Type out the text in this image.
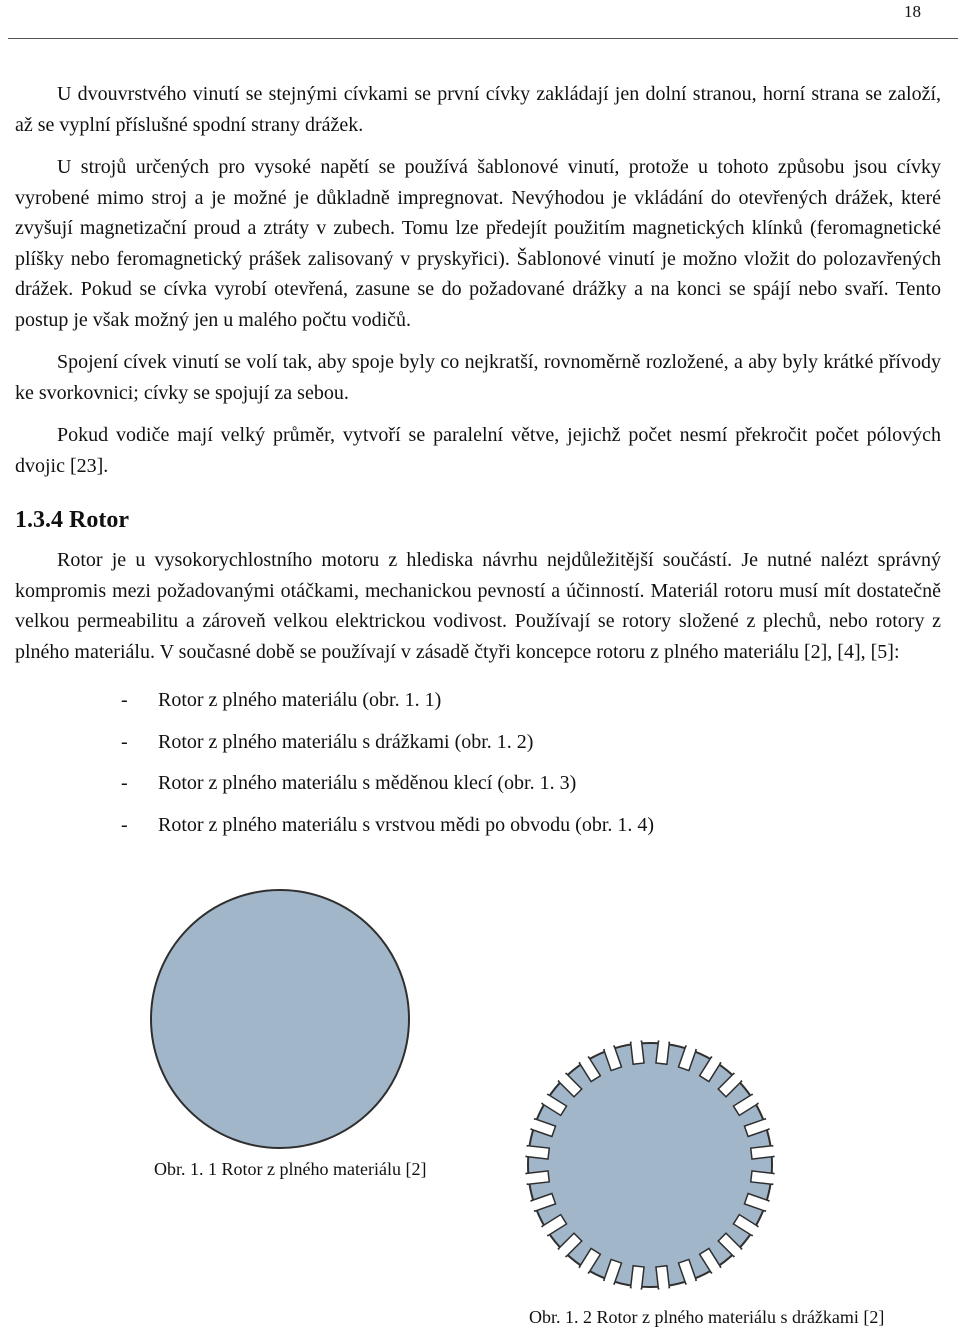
18

U dvouvrstvého vinutí se stejnými cívkami se první cívky zakládají jen dolní stranou, horní strana se založí, až se vyplní příslušné spodní strany drážek.

U strojů určených pro vysoké napětí se používá šablonové vinutí, protože u tohoto způsobu jsou cívky vyrobené mimo stroj a je možné je důkladně impregnovat. Nevýhodou je vkládání do otevřených drážek, které zvyšují magnetizační proud a ztráty v zubech. Tomu lze předejít použitím magnetických klínků (feromagnetické plíšky nebo feromagnetický prášek zalisovaný v pryskyřici). Šablonové vinutí je možno vložit do polozavřených drážek. Pokud se cívka vyrobí otevřená, zasune se do požadované drážky a na konci se spájí nebo svaří. Tento postup je však možný jen u malého počtu vodičů.

Spojení cívek vinutí se volí tak, aby spoje byly co nejkratší, rovnoměrně rozložené, a aby byly krátké přívody ke svorkovnici; cívky se spojují za sebou.

Pokud vodiče mají velký průměr, vytvoří se paralelní větve, jejichž počet nesmí překročit počet pólových dvojic [23].

1.3.4 Rotor

Rotor je u vysokorychlostního motoru z hlediska návrhu nejdůležitější součástí. Je nutné nalézt správný kompromis mezi požadovanými otáčkami, mechanickou pevností a účinností. Materiál rotoru musí mít dostatečně velkou permeabilitu a zároveň velkou elektrickou vodivost. Používají se rotory složené z plechů, nebo rotory z plného materiálu. V současné době se používají v zásadě čtyři koncepce rotoru z plného materiálu [2], [4], [5]:

-	Rotor z plného materiálu (obr. 1. 1)
-	Rotor z plného materiálu s drážkami (obr. 1. 2)
-	Rotor z plného materiálu s měděnou klecí (obr. 1. 3)
-	Rotor z plného materiálu s vrstvou mědi po obvodu (obr. 1. 4)
Obr. 1. 1 Rotor z plného materiálu [2]
Obr. 1. 2 Rotor z plného materiálu s drážkami [2]
